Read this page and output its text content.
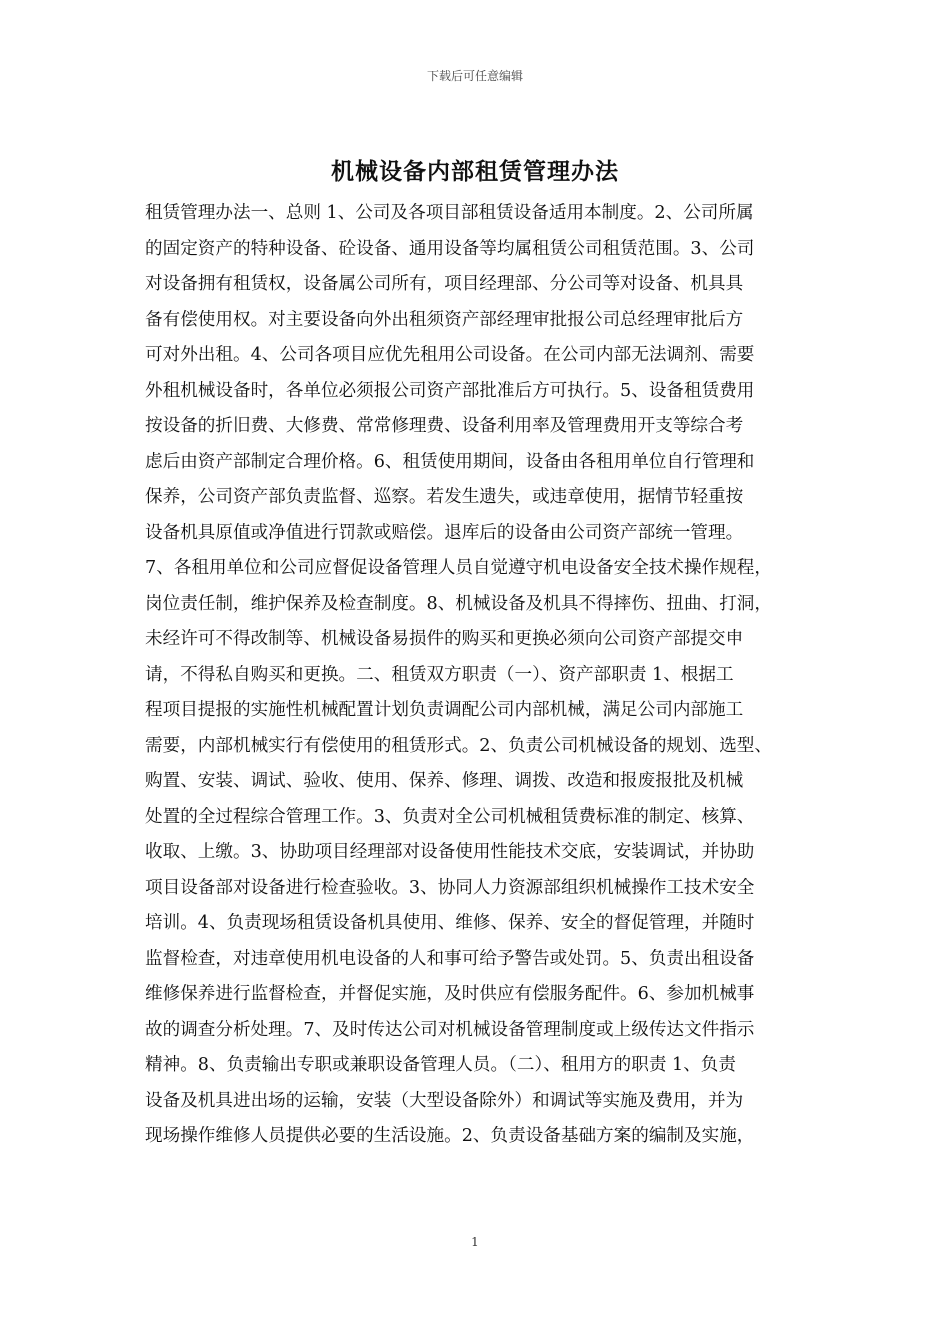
下载后可任意编辑
机械设备内部租赁管理办法
租赁管理办法一、总则 1、公司及各项目部租赁设备适用本制度。2、公司所属
的固定资产的特种设备、砼设备、通用设备等均属租赁公司租赁范围。3、公司
对设备拥有租赁权，设备属公司所有，项目经理部、分公司等对设备、机具具
备有偿使用权。对主要设备向外出租须资产部经理审批报公司总经理审批后方
可对外出租。4、公司各项目应优先租用公司设备。在公司内部无法调剂、需要
外租机械设备时，各单位必须报公司资产部批准后方可执行。5、设备租赁费用
按设备的折旧费、大修费、常常修理费、设备利用率及管理费用开支等综合考
虑后由资产部制定合理价格。6、租赁使用期间，设备由各租用单位自行管理和
保养，公司资产部负责监督、巡察。若发生遗失，或违章使用，据情节轻重按
设备机具原值或净值进行罚款或赔偿。退库后的设备由公司资产部统一管理。
7、各租用单位和公司应督促设备管理人员自觉遵守机电设备安全技术操作规程，
岗位责任制，维护保养及检查制度。8、机械设备及机具不得摔伤、扭曲、打洞，
未经许可不得改制等、机械设备易损件的购买和更换必须向公司资产部提交申
请，不得私自购买和更换。二、租赁双方职责（一）、资产部职责 1、根据工
程项目提报的实施性机械配置计划负责调配公司内部机械，满足公司内部施工
需要，内部机械实行有偿使用的租赁形式。2、负责公司机械设备的规划、选型、
购置、安装、调试、验收、使用、保养、修理、调拨、改造和报废报批及机械
处置的全过程综合管理工作。3、负责对全公司机械租赁费标准的制定、核算、
收取、上缴。3、协助项目经理部对设备使用性能技术交底，安装调试，并协助
项目设备部对设备进行检查验收。3、协同人力资源部组织机械操作工技术安全
培训。4、负责现场租赁设备机具使用、维修、保养、安全的督促管理，并随时
监督检查，对违章使用机电设备的人和事可给予警告或处罚。5、负责出租设备
维修保养进行监督检查，并督促实施，及时供应有偿服务配件。6、参加机械事
故的调查分析处理。7、及时传达公司对机械设备管理制度或上级传达文件指示
精神。8、负责输出专职或兼职设备管理人员。（二）、租用方的职责 1、负责
设备及机具进出场的运输，安装（大型设备除外）和调试等实施及费用，并为
现场操作维修人员提供必要的生活设施。2、负责设备基础方案的编制及实施，
1
